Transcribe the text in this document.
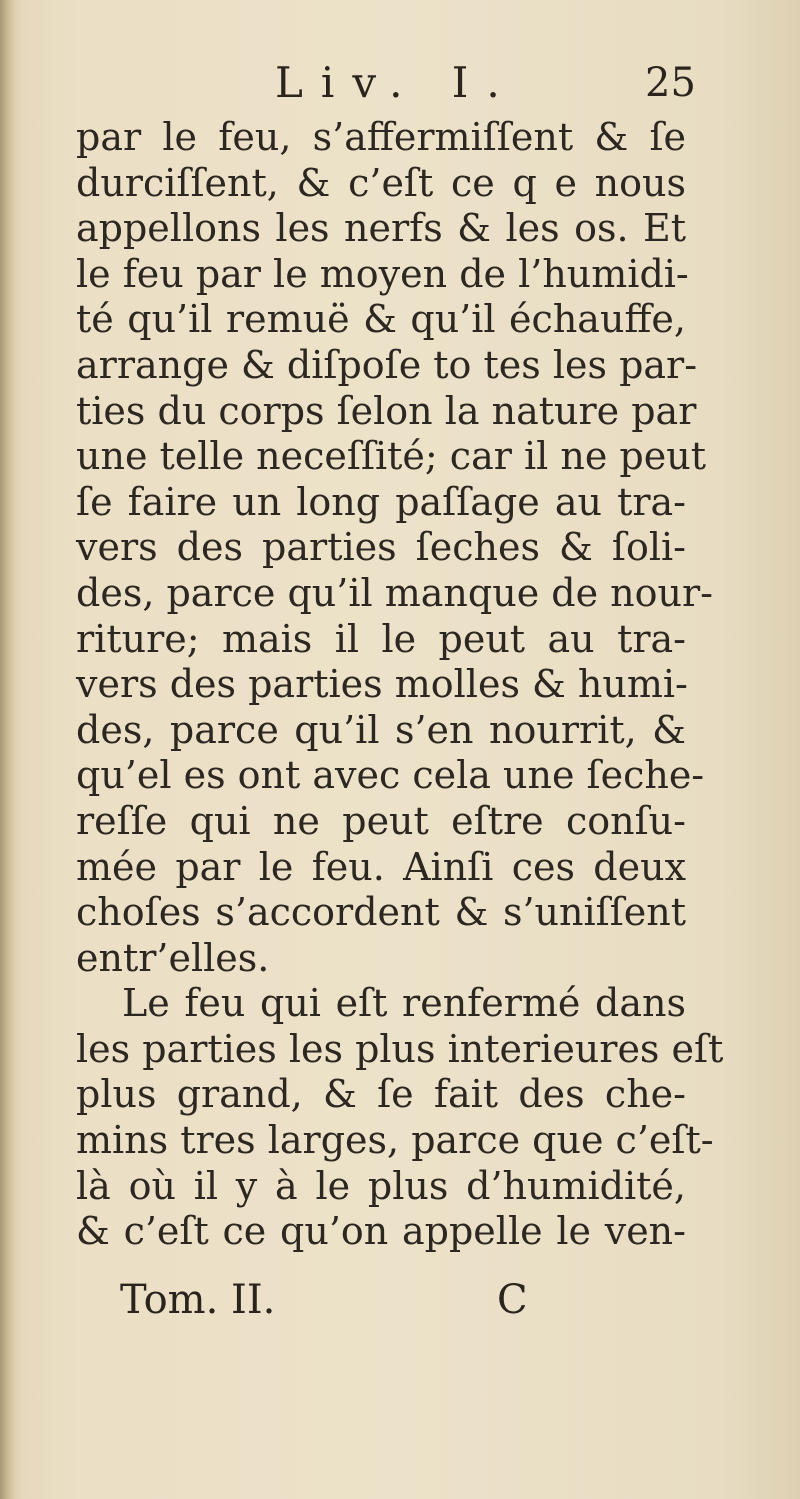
Liv. I.	25
par le feu, s’affermiſſent & ſe
durciſſent, & c’eſt ce q e nous
appellons les nerfs & les os. Et
le feu par le moyen de l’humidi-
té qu’il remuë & qu’il échauffe,
arrange & diſpoſe to tes les par-
ties du corps ſelon la nature par
une telle neceſſité; car il ne peut
ſe faire un long paſſage au tra-
vers des parties ſeches & ſoli-
des, parce qu’il manque de nour-
riture; mais il le peut au tra-
vers des parties molles & humi-
des, parce qu’il s’en nourrit, &
qu’el es ont avec cela une ſeche-
reſſe qui ne peut eſtre conſu-
mée par le feu. Ainſi ces deux
choſes s’accordent & s’uniſſent
entr’elles.
Le feu qui eſt renfermé dans
les parties les plus interieures eſt
plus grand, & ſe fait des che-
mins tres larges, parce que c’eſt-
là où il y à le plus d’humidité,
& c’eſt ce qu’on appelle le ven-
Tom. II.	C
